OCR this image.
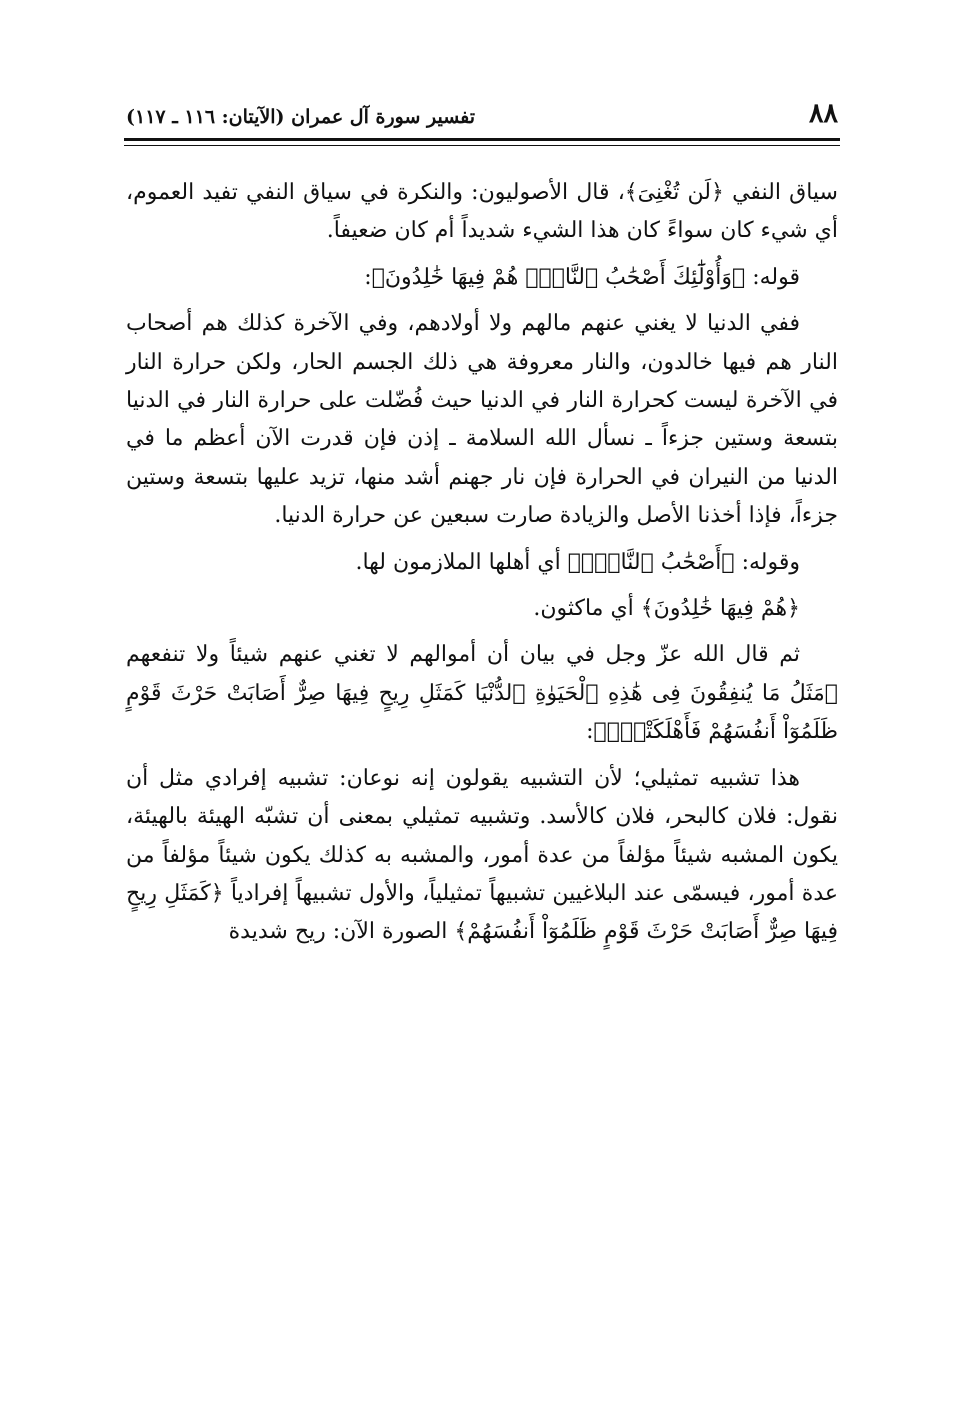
٨٨
تفسير سورة آل عمران (الآيتان: ١١٦ ـ ١١٧)

سياق النفي ﴿لَن تُغْنِىَ﴾، قال الأصوليون: والنكرة في سياق النفي تفيد العموم، أي شيء كان سواءً كان هذا الشيء شديداً أم كان ضعيفاً.

قوله: ﴿وَأُوْلَٰٓئِكَ أَصْحَٰبُ ٱلنَّارِۖ هُمْ فِيهَا خَٰلِدُونَ﴾:

ففي الدنيا لا يغني عنهم مالهم ولا أولادهم، وفي الآخرة كذلك هم أصحاب النار هم فيها خالدون، والنار معروفة هي ذلك الجسم الحار، ولكن حرارة النار في الآخرة ليست كحرارة النار في الدنيا حيث فُضّلت على حرارة النار في الدنيا بتسعة وستين جزءاً ـ نسأل الله السلامة ـ إذن فإن قدرت الآن أعظم ما في الدنيا من النيران في الحرارة فإن نار جهنم أشد منها، تزيد عليها بتسعة وستين جزءاً، فإذا أخذنا الأصل والزيادة صارت سبعين عن حرارة الدنيا.

وقوله: ﴿أَصْحَٰبُ ٱلنَّارِۖ﴾ أي أهلها الملازمون لها.

﴿هُمْ فِيهَا خَٰلِدُونَ﴾ أي ماكثون.

ثم قال الله عزّ وجل في بيان أن أموالهم لا تغني عنهم شيئاً ولا تنفعهم ﴿مَثَلُ مَا يُنفِقُونَ فِى هَٰذِهِ ٱلْحَيَوٰةِ ٱلدُّنْيَا كَمَثَلِ رِيحٍ فِيهَا صِرٌّ أَصَابَتْ حَرْثَ قَوْمٍ ظَلَمُوٓاْ أَنفُسَهُمْ فَأَهْلَكَتْهُۚ﴾:

هذا تشبيه تمثيلي؛ لأن التشبيه يقولون إنه نوعان: تشبيه إفرادي مثل أن نقول: فلان كالبحر، فلان كالأسد. وتشبيه تمثيلي بمعنى أن تشبّه الهيئة بالهيئة، يكون المشبه شيئاً مؤلفاً من عدة أمور، والمشبه به كذلك يكون شيئاً مؤلفاً من عدة أمور، فيسمّى عند البلاغيين تشبيهاً تمثيلياً، والأول تشبيهاً إفرادياً ﴿كَمَثَلِ رِيحٍ فِيهَا صِرٌّ أَصَابَتْ حَرْثَ قَوْمٍ ظَلَمُوٓاْ أَنفُسَهُمْ﴾ الصورة الآن: ريح شديدة
